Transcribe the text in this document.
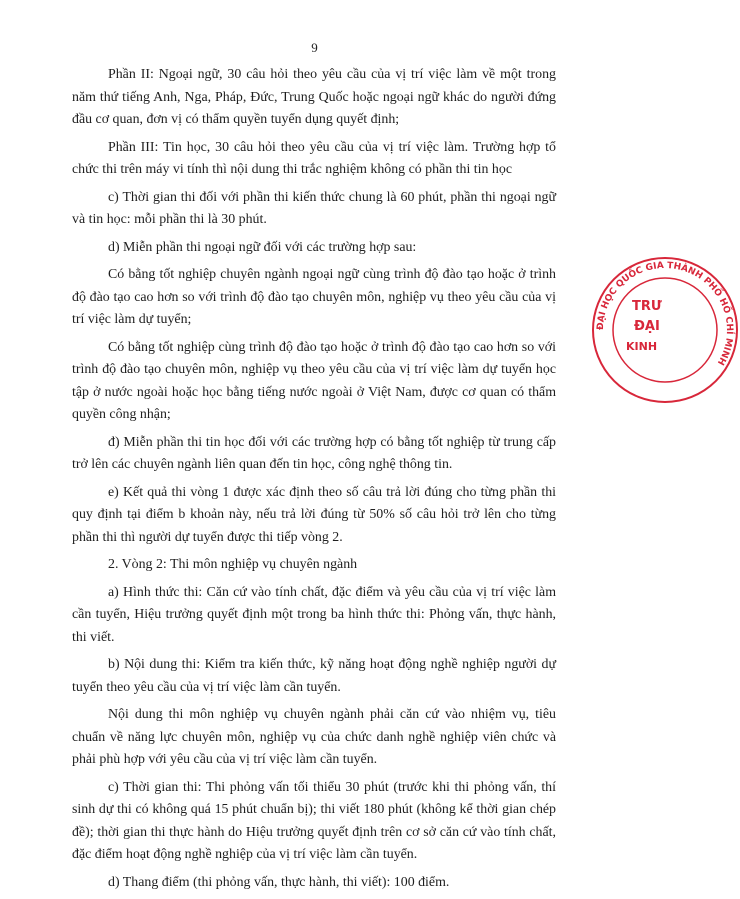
9

Phần II: Ngoại ngữ, 30 câu hỏi theo yêu cầu của vị trí việc làm về một trong năm thứ tiếng Anh, Nga, Pháp, Đức, Trung Quốc hoặc ngoại ngữ khác do người đứng đầu cơ quan, đơn vị có thẩm quyền tuyển dụng quyết định;

Phần III: Tin học, 30 câu hỏi theo yêu cầu của vị trí việc làm. Trường hợp tổ chức thi trên máy vi tính thì nội dung thi trắc nghiệm không có phần thi tin học

c) Thời gian thi đối với phần thi kiến thức chung là 60 phút, phần thi ngoại ngữ và tin học: mỗi phần thi là 30 phút.

d) Miễn phần thi ngoại ngữ đối với các trường hợp sau:

Có bằng tốt nghiệp chuyên ngành ngoại ngữ cùng trình độ đào tạo hoặc ở trình độ đào tạo cao hơn so với trình độ đào tạo chuyên môn, nghiệp vụ theo yêu cầu của vị trí việc làm dự tuyển;

Có bằng tốt nghiệp cùng trình độ đào tạo hoặc ở trình độ đào tạo cao hơn so với trình độ đào tạo chuyên môn, nghiệp vụ theo yêu cầu của vị trí việc làm dự tuyển học tập ở nước ngoài hoặc học bằng tiếng nước ngoài ở Việt Nam, được cơ quan có thẩm quyền công nhận;

đ) Miễn phần thi tin học đối với các trường hợp có bằng tốt nghiệp từ trung cấp trở lên các chuyên ngành liên quan đến tin học, công nghệ thông tin.

e) Kết quả thi vòng 1 được xác định theo số câu trả lời đúng cho từng phần thi quy định tại điểm b khoản này, nếu trả lời đúng từ 50% số câu hỏi trở lên cho từng phần thi thì người dự tuyển được thi tiếp vòng 2.

2. Vòng 2: Thi môn nghiệp vụ chuyên ngành

a) Hình thức thi: Căn cứ vào tính chất, đặc điểm và yêu cầu của vị trí việc làm cần tuyển, Hiệu trưởng quyết định một trong ba hình thức thi: Phỏng vấn, thực hành, thi viết.

b) Nội dung thi: Kiểm tra kiến thức, kỹ năng hoạt động nghề nghiệp người dự tuyển theo yêu cầu của vị trí việc làm cần tuyển.

Nội dung thi môn nghiệp vụ chuyên ngành phải căn cứ vào nhiệm vụ, tiêu chuẩn về năng lực chuyên môn, nghiệp vụ của chức danh nghề nghiệp viên chức và phải phù hợp với yêu cầu của vị trí việc làm cần tuyển.

c) Thời gian thi: Thi phỏng vấn tối thiểu 30 phút (trước khi thi phỏng vấn, thí sinh dự thi có không quá 15 phút chuẩn bị); thi viết 180 phút (không kể thời gian chép đề); thời gian thi thực hành do Hiệu trưởng quyết định trên cơ sở căn cứ vào tính chất, đặc điểm hoạt động nghề nghiệp của vị trí việc làm cần tuyển.

d) Thang điểm (thi phỏng vấn, thực hành, thi viết): 100 điểm.

ĐẠI HỌC QUỐC GIA THÀNH PHỐ HỒ CHÍ MINH
TRƯ
ĐẠI
KINH
